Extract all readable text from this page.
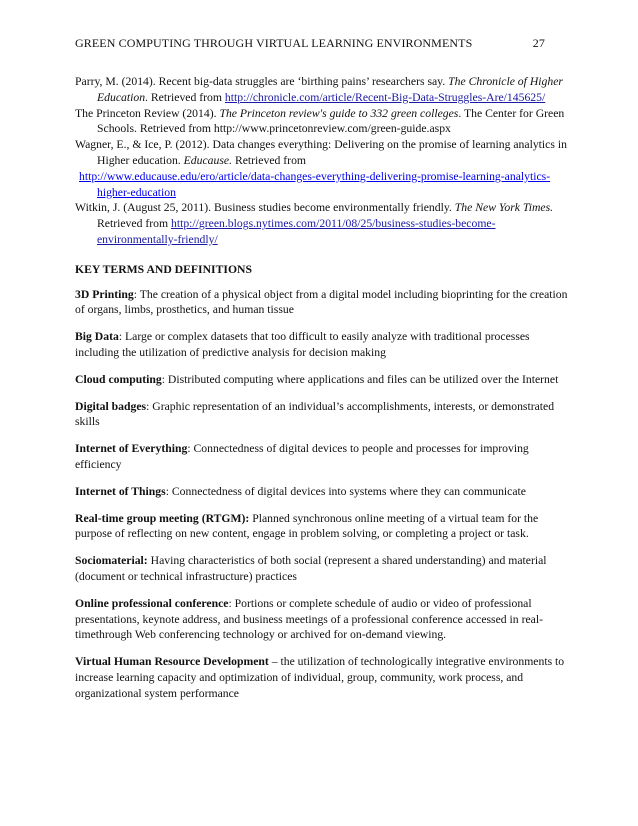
GREEN COMPUTING THROUGH VIRTUAL LEARNING ENVIRONMENTS	27

Parry, M. (2014). Recent big-data struggles are ‘birthing pains’ researchers say. The Chronicle of Higher Education. Retrieved from http://chronicle.com/article/Recent-Big-Data-Struggles-Are/145625/

The Princeton Review (2014). The Princeton review's guide to 332 green colleges. The Center for Green Schools. Retrieved from http://www.princetonreview.com/green-guide.aspx

Wagner, E., & Ice, P. (2012). Data changes everything: Delivering on the promise of learning analytics in Higher education. Educause. Retrieved from

http://www.educause.edu/ero/article/data-changes-everything-delivering-promise-learning-analytics-higher-education

Witkin, J. (August 25, 2011). Business studies become environmentally friendly. The New York Times. Retrieved from http://green.blogs.nytimes.com/2011/08/25/business-studies-become-environmentally-friendly/

KEY TERMS AND DEFINITIONS

3D Printing: The creation of a physical object from a digital model including bioprinting for the creation of organs, limbs, prosthetics, and human tissue

Big Data: Large or complex datasets that too difficult to easily analyze with traditional processes including the utilization of predictive analysis for decision making

Cloud computing: Distributed computing where applications and files can be utilized over the Internet

Digital badges: Graphic representation of an individual’s accomplishments, interests, or demonstrated skills

Internet of Everything: Connectedness of digital devices to people and processes for improving efficiency

Internet of Things: Connectedness of digital devices into systems where they can communicate

Real-time group meeting (RTGM): Planned synchronous online meeting of a virtual team for the purpose of reflecting on new content, engage in problem solving, or completing a project or task.

Sociomaterial: Having characteristics of both social (represent a shared understanding) and material (document or technical infrastructure) practices

Online professional conference: Portions or complete schedule of audio or video of professional presentations, keynote address, and business meetings of a professional conference accessed in real-timethrough Web conferencing technology or archived for on-demand viewing.

Virtual Human Resource Development – the utilization of technologically integrative environments to increase learning capacity and optimization of individual, group, community, work process, and organizational system performance
